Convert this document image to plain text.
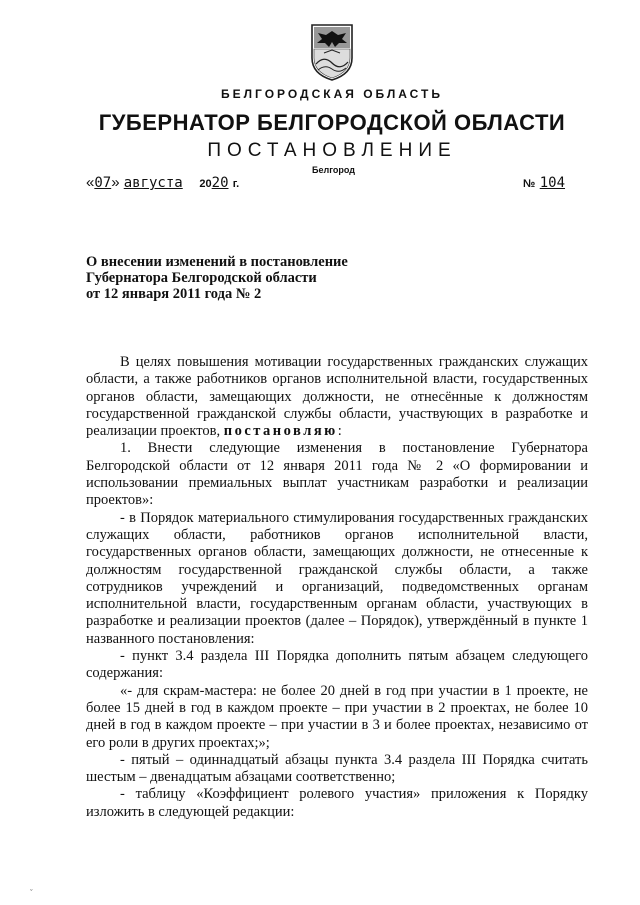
БЕЛГОРОДСКАЯ ОБЛАСТЬ
ГУБЕРНАТОР БЕЛГОРОДСКОЙ ОБЛАСТИ
ПОСТАНОВЛЕНИЕ
Белгород
«07» августа 2020 г.	№ 104
О внесении изменений в постановление
Губернатора Белгородской области
от 12 января 2011 года № 2

В целях повышения мотивации государственных гражданских служащих области, а также работников органов исполнительной власти, государственных органов области, замещающих должности, не отнесённые к должностям государственной гражданской службы области, участвующих в разработке и реализации проектов, постановляю:

1. Внести следующие изменения в постановление Губернатора Белгородской области от 12 января 2011 года № 2 «О формировании и использовании премиальных выплат участникам разработки и реализации проектов»:

- в Порядок материального стимулирования государственных гражданских служащих области, работников органов исполнительной власти, государственных органов области, замещающих должности, не отнесенные к должностям государственной гражданской службы области, а также сотрудников учреждений и организаций, подведомственных органам исполнительной власти, государственным органам области, участвующих в разработке и реализации проектов (далее – Порядок), утверждённый в пункте 1 названного постановления:

- пункт 3.4 раздела III Порядка дополнить пятым абзацем следующего содержания:

«- для скрам-мастера: не более 20 дней в год при участии в 1 проекте, не более 15 дней в год в каждом проекте – при участии в 2 проектах, не более 10 дней в год в каждом проекте – при участии в 3 и более проектах, независимо от его роли в других проектах;»;

- пятый – одиннадцатый абзацы пункта 3.4 раздела III Порядка считать шестым – двенадцатым абзацами соответственно;

- таблицу «Коэффициент ролевого участия» приложения к Порядку изложить в следующей редакции:

ˇ
